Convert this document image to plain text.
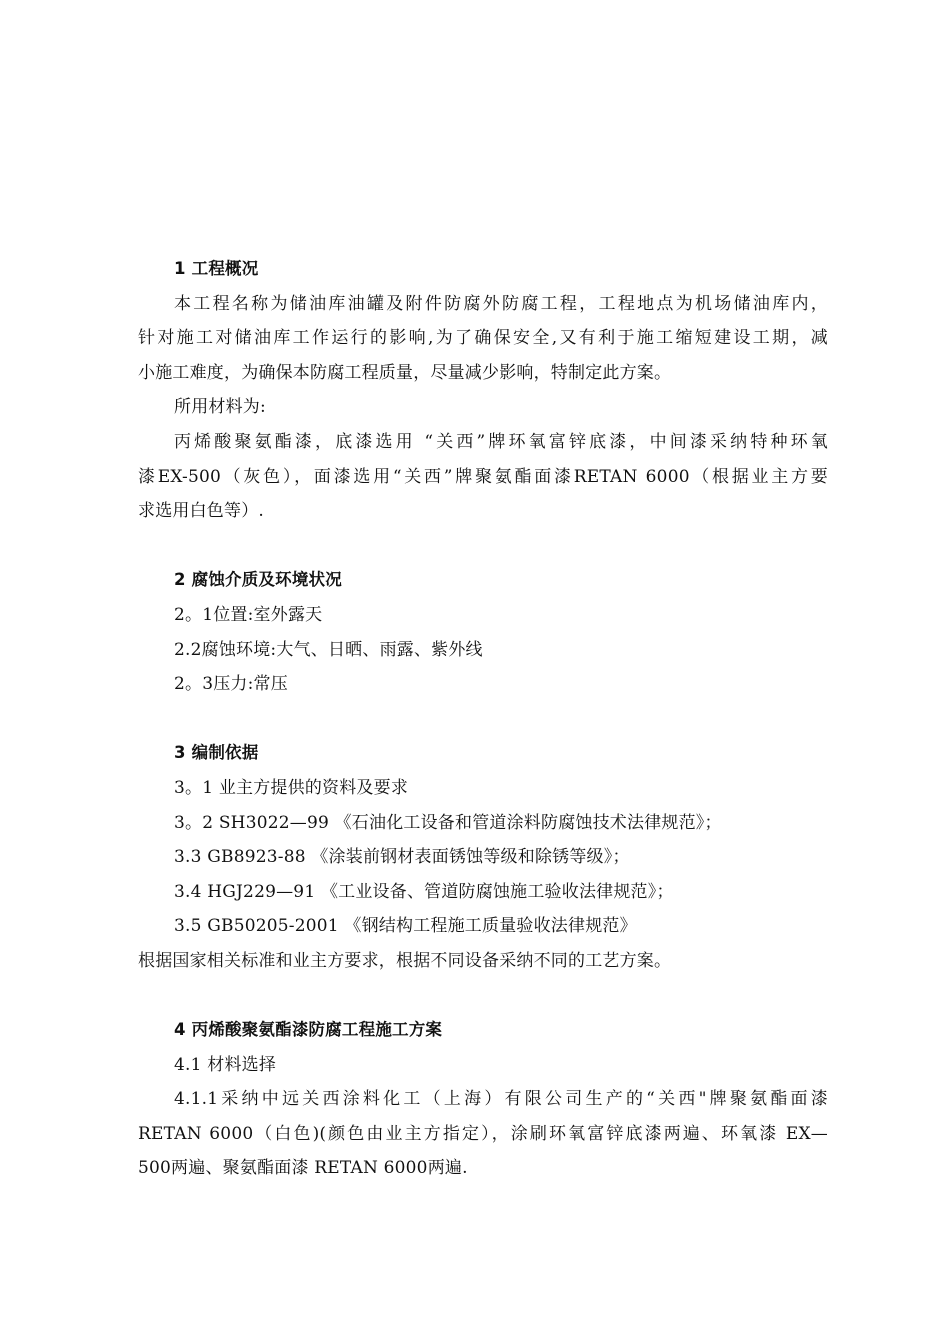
1 工程概况
本工程名称为储油库油罐及附件防腐外防腐工程，工程地点为机场储油库内，
针对施工对储油库工作运行的影响,为了确保安全,又有利于施工缩短建设工期，减
小施工难度，为确保本防腐工程质量，尽量减少影响，特制定此方案。
所用材料为:
丙烯酸聚氨酯漆，底漆选用 “关西”牌环氧富锌底漆，中间漆采纳特种环氧
漆EX-500（灰色），面漆选用“关西”牌聚氨酯面漆RETAN 6000（根据业主方要
求选用白色等）.
2 腐蚀介质及环境状况
2。1位置:室外露天
2.2腐蚀环境:大气、日晒、雨露、紫外线
2。3压力:常压
3 编制依据
3。1 业主方提供的资料及要求
3。2 SH3022—99 《石油化工设备和管道涂料防腐蚀技术法律规范》；
3.3 GB8923-88 《涂装前钢材表面锈蚀等级和除锈等级》；
3.4 HGJ229—91 《工业设备、管道防腐蚀施工验收法律规范》；
3.5 GB50205-2001 《钢结构工程施工质量验收法律规范》
根据国家相关标准和业主方要求，根据不同设备采纳不同的工艺方案。
4 丙烯酸聚氨酯漆防腐工程施工方案
4.1 材料选择
4.1.1采纳中远关西涂料化工（上海）有限公司生产的“关西"牌聚氨酯面漆
RETAN 6000（白色)(颜色由业主方指定），涂刷环氧富锌底漆两遍、环氧漆 EX—
500两遍、聚氨酯面漆 RETAN 6000两遍.
